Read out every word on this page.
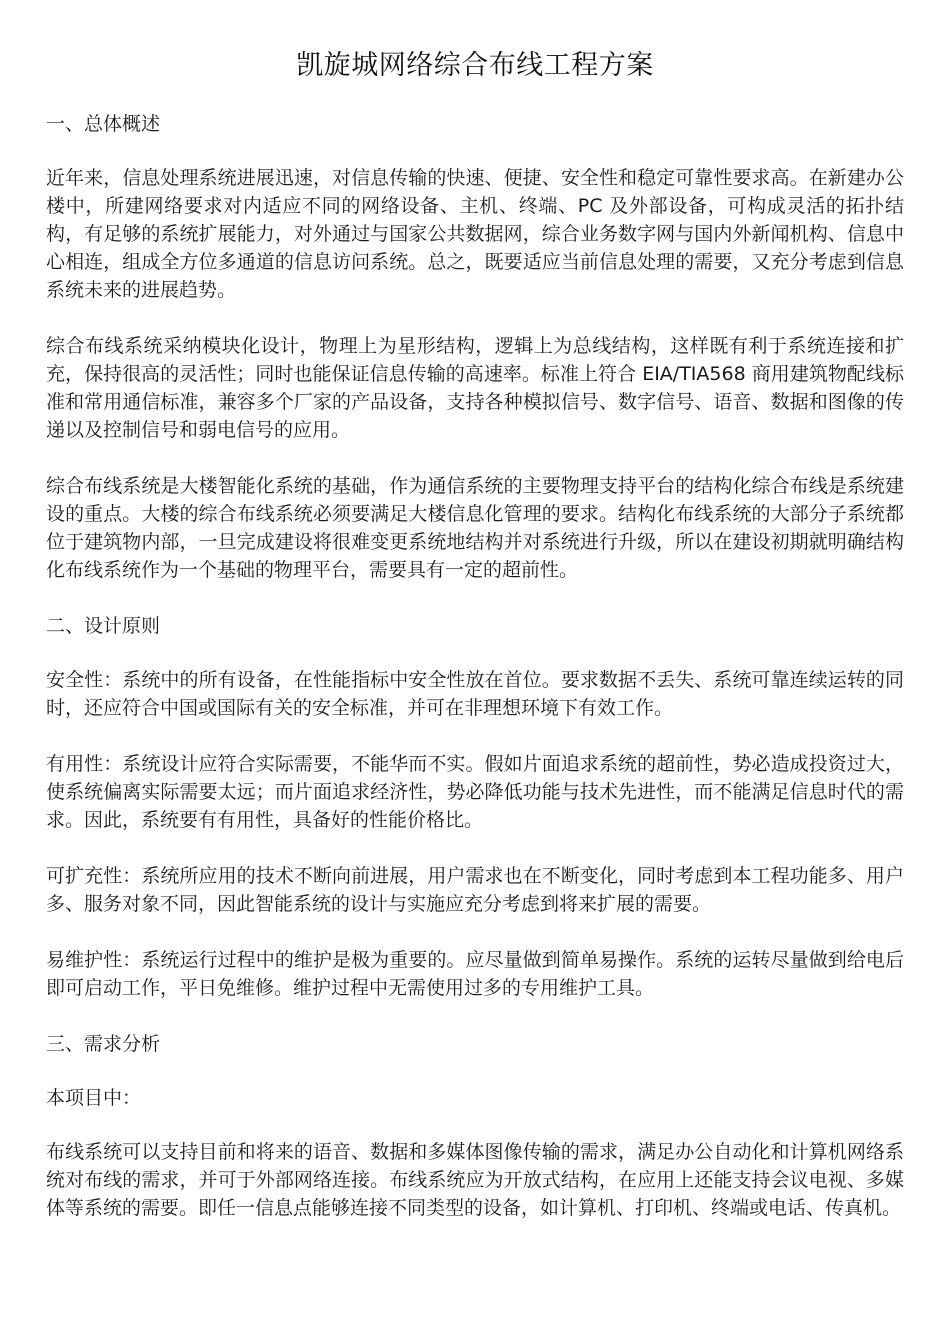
凯旋城网络综合布线工程方案
一、总体概述

近年来，信息处理系统进展迅速，对信息传输的快速、便捷、安全性和稳定可靠性要求高。在新建办公楼中，所建网络要求对内适应不同的网络设备、主机、终端、PC 及外部设备，可构成灵活的拓扑结构，有足够的系统扩展能力，对外通过与国家公共数据网，综合业务数字网与国内外新闻机构、信息中心相连，组成全方位多通道的信息访问系统。总之，既要适应当前信息处理的需要，又充分考虑到信息系统未来的进展趋势。

综合布线系统采纳模块化设计，物理上为星形结构，逻辑上为总线结构，这样既有利于系统连接和扩充，保持很高的灵活性；同时也能保证信息传输的高速率。标准上符合 EIA/TIA568 商用建筑物配线标准和常用通信标准，兼容多个厂家的产品设备，支持各种模拟信号、数字信号、语音、数据和图像的传递以及控制信号和弱电信号的应用。

综合布线系统是大楼智能化系统的基础，作为通信系统的主要物理支持平台的结构化综合布线是系统建设的重点。大楼的综合布线系统必须要满足大楼信息化管理的要求。结构化布线系统的大部分子系统都位于建筑物内部，一旦完成建设将很难变更系统地结构并对系统进行升级，所以在建设初期就明确结构化布线系统作为一个基础的物理平台，需要具有一定的超前性。

二、设计原则

安全性：系统中的所有设备，在性能指标中安全性放在首位。要求数据不丢失、系统可靠连续运转的同时，还应符合中国或国际有关的安全标准，并可在非理想环境下有效工作。

有用性：系统设计应符合实际需要，不能华而不实。假如片面追求系统的超前性，势必造成投资过大，使系统偏离实际需要太远；而片面追求经济性，势必降低功能与技术先进性，而不能满足信息时代的需求。因此，系统要有有用性，具备好的性能价格比。

可扩充性：系统所应用的技术不断向前进展，用户需求也在不断变化，同时考虑到本工程功能多、用户多、服务对象不同，因此智能系统的设计与实施应充分考虑到将来扩展的需要。

易维护性：系统运行过程中的维护是极为重要的。应尽量做到简单易操作。系统的运转尽量做到给电后即可启动工作，平日免维修。维护过程中无需使用过多的专用维护工具。

三、需求分析
本项目中：

布线系统可以支持目前和将来的语音、数据和多媒体图像传输的需求，满足办公自动化和计算机网络系统对布线的需求，并可于外部网络连接。布线系统应为开放式结构，在应用上还能支持会议电视、多媒体等系统的需要。即任一信息点能够连接不同类型的设备，如计算机、打印机、终端或电话、传真机。
